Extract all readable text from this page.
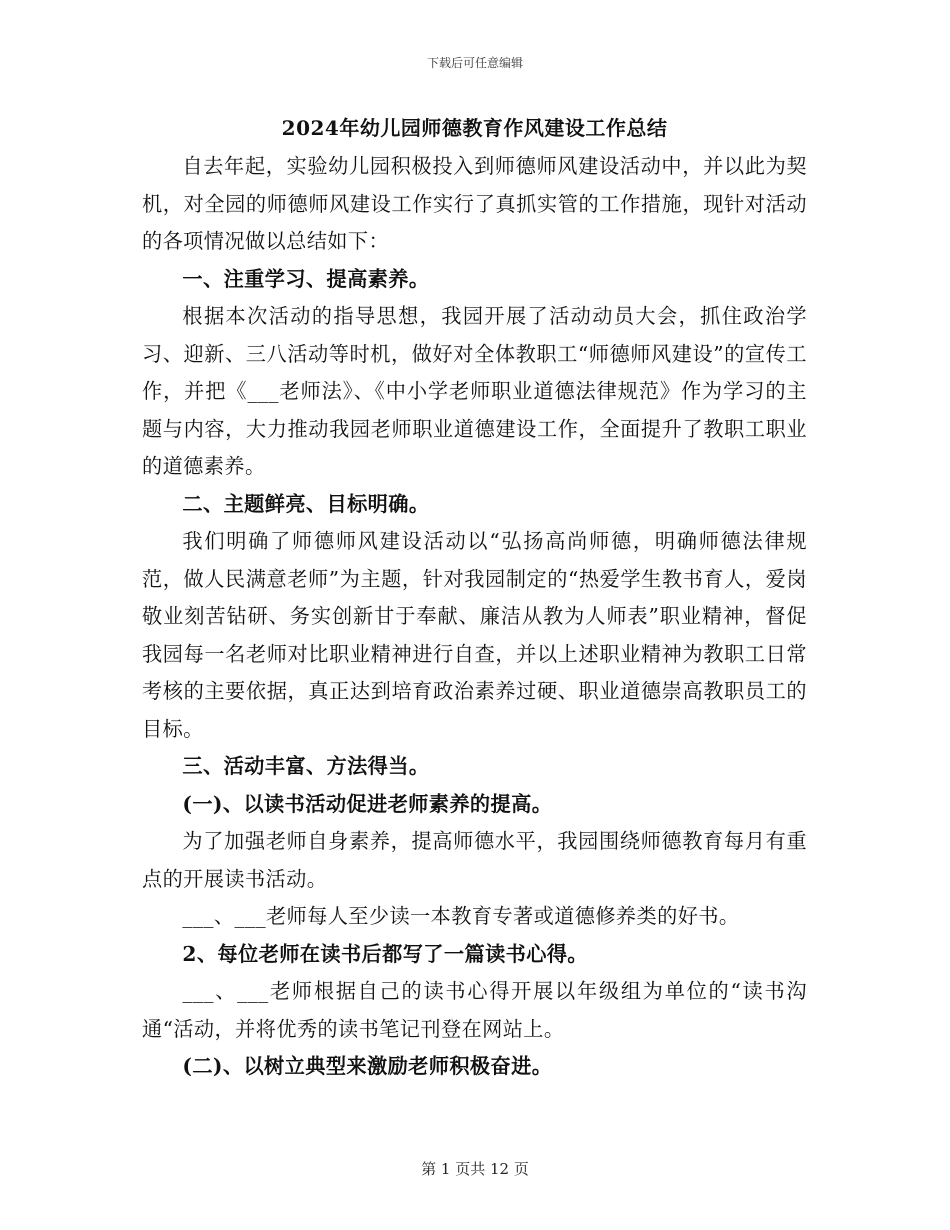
下载后可任意编辑
2024年幼儿园师德教育作风建设工作总结

自去年起，实验幼儿园积极投入到师德师风建设活动中，并以此为契机，对全园的师德师风建设工作实行了真抓实管的工作措施，现针对活动的各项情况做以总结如下：

一、注重学习、提高素养。

根据本次活动的指导思想，我园开展了活动动员大会，抓住政治学习、迎新、三八活动等时机，做好对全体教职工“师德师风建设”的宣传工作，并把《___老师法》、《中小学老师职业道德法律规范》作为学习的主题与内容，大力推动我园老师职业道德建设工作，全面提升了教职工职业的道德素养。

二、主题鲜亮、目标明确。

我们明确了师德师风建设活动以“弘扬高尚师德，明确师德法律规范，做人民满意老师”为主题，针对我园制定的“热爱学生教书育人，爱岗敬业刻苦钻研、务实创新甘于奉献、廉洁从教为人师表”职业精神，督促我园每一名老师对比职业精神进行自查，并以上述职业精神为教职工日常考核的主要依据，真正达到培育政治素养过硬、职业道德崇高教职员工的目标。

三、活动丰富、方法得当。

(一)、以读书活动促进老师素养的提高。

为了加强老师自身素养，提高师德水平，我园围绕师德教育每月有重点的开展读书活动。

___、___老师每人至少读一本教育专著或道德修养类的好书。

2、每位老师在读书后都写了一篇读书心得。

___、___老师根据自己的读书心得开展以年级组为单位的“读书沟通“活动，并将优秀的读书笔记刊登在网站上。

(二)、以树立典型来激励老师积极奋进。

第 1 页共 12 页
